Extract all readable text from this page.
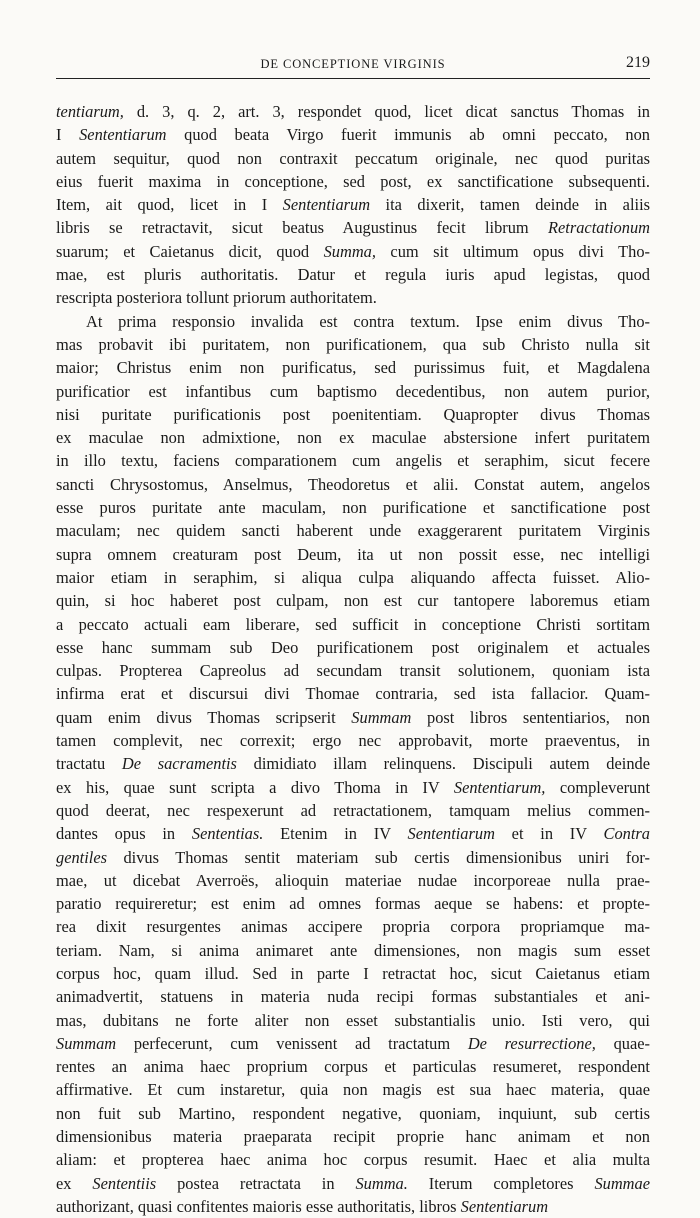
DE CONCEPTIONE VIRGINIS	219
tentiarum, d. 3, q. 2, art. 3, respondet quod, licet dicat sanctus Thomas in
I Sententiarum quod beata Virgo fuerit immunis ab omni peccato, non
autem sequitur, quod non contraxit peccatum originale, nec quod puritas
eius fuerit maxima in conceptione, sed post, ex sanctificatione subsequenti.
Item, ait quod, licet in I Sententiarum ita dixerit, tamen deinde in aliis
libris se retractavit, sicut beatus Augustinus fecit librum Retractationum
suarum; et Caietanus dicit, quod Summa, cum sit ultimum opus divi Tho-
mae, est pluris authoritatis. Datur et regula iuris apud legistas, quod
rescripta posteriora tollunt priorum authoritatem.
At prima responsio invalida est contra textum. Ipse enim divus Tho-
mas probavit ibi puritatem, non purificationem, qua sub Christo nulla sit
maior; Christus enim non purificatus, sed purissimus fuit, et Magdalena
purificatior est infantibus cum baptismo decedentibus, non autem purior,
nisi puritate purificationis post poenitentiam. Quapropter divus Thomas
ex maculae non admixtione, non ex maculae abstersione infert puritatem
in illo textu, faciens comparationem cum angelis et seraphim, sicut fecere
sancti Chrysostomus, Anselmus, Theodoretus et alii. Constat autem, angelos
esse puros puritate ante maculam, non purificatione et sanctificatione post
maculam; nec quidem sancti haberent unde exaggerarent puritatem Virginis
supra omnem creaturam post Deum, ita ut non possit esse, nec intelligi
maior etiam in seraphim, si aliqua culpa aliquando affecta fuisset. Alio-
quin, si hoc haberet post culpam, non est cur tantopere laboremus etiam
a peccato actuali eam liberare, sed sufficit in conceptione Christi sortitam
esse hanc summam sub Deo purificationem post originalem et actuales
culpas. Propterea Capreolus ad secundam transit solutionem, quoniam ista
infirma erat et discursui divi Thomae contraria, sed ista fallacior. Quam-
quam enim divus Thomas scripserit Summam post libros sententiarios, non
tamen complevit, nec correxit; ergo nec approbavit, morte praeventus, in
tractatu De sacramentis dimidiato illam relinquens. Discipuli autem deinde
ex his, quae sunt scripta a divo Thoma in IV Sententiarum, compleverunt
quod deerat, nec respexerunt ad retractationem, tamquam melius commen-
dantes opus in Sententias. Etenim in IV Sententiarum et in IV Contra
gentiles divus Thomas sentit materiam sub certis dimensionibus uniri for-
mae, ut dicebat Averroës, alioquin materiae nudae incorporeae nulla prae-
paratio requireretur; est enim ad omnes formas aeque se habens: et propte-
rea dixit resurgentes animas accipere propria corpora propriamque ma-
teriam. Nam, si anima animaret ante dimensiones, non magis sum esset
corpus hoc, quam illud. Sed in parte I retractat hoc, sicut Caietanus etiam
animadvertit, statuens in materia nuda recipi formas substantiales et ani-
mas, dubitans ne forte aliter non esset substantialis unio. Isti vero, qui
Summam perfecerunt, cum venissent ad tractatum De resurrectione, quae-
rentes an anima haec proprium corpus et particulas resumeret, respondent
affirmative. Et cum instaretur, quia non magis est sua haec materia, quae
non fuit sub Martino, respondent negative, quoniam, inquiunt, sub certis
dimensionibus materia praeparata recipit proprie hanc animam et non
aliam: et propterea haec anima hoc corpus resumit. Haec et alia multa
ex Sententiis postea retractata in Summa. Iterum completores Summae
authorizant, quasi confitentes maioris esse authoritatis, libros Sententiarum
